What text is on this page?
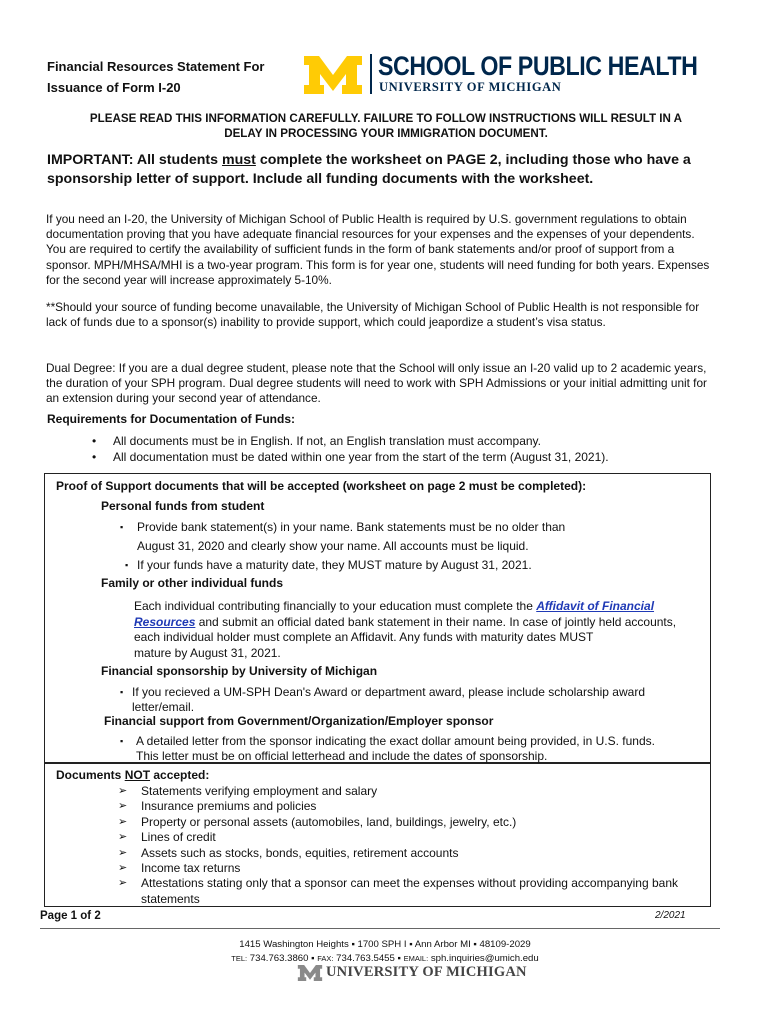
Financial Resources Statement For
Issuance of Form I-20
SCHOOL OF PUBLIC HEALTH
UNIVERSITY OF MICHIGAN
PLEASE READ THIS INFORMATION CAREFULLY. FAILURE TO FOLLOW INSTRUCTIONS WILL RESULT IN A
DELAY IN PROCESSING YOUR IMMIGRATION DOCUMENT.
IMPORTANT: All students must complete the worksheet on PAGE 2, including those who have a sponsorship letter of support. Include all funding documents with the worksheet.
If you need an I-20, the University of Michigan School of Public Health is required by U.S. government regulations to obtain documentation proving that you have adequate financial resources for your expenses and the expenses of your dependents. You are required to certify the availability of sufficient funds in the form of bank statements and/or proof of support from a sponsor. MPH/MHSA/MHI is a two-year program. This form is for year one, students will need funding for both years. Expenses for the second year will increase approximately 5-10%.
**Should your source of funding become unavailable, the University of Michigan School of Public Health is not responsible for lack of funds due to a sponsor(s) inability to provide support, which could jeapordize a student’s visa status.
Dual Degree: If you are a dual degree student, please note that the School will only issue an I-20 valid up to 2 academic years, the duration of your SPH program. Dual degree students will need to work with SPH Admissions or your initial admitting unit for an extension during your second year of attendance.
Requirements for Documentation of Funds:
• All documents must be in English. If not, an English translation must accompany.
• All documentation must be dated within one year from the start of the term (August 31, 2021).
Proof of Support documents that will be accepted (worksheet on page 2 must be completed):
Personal funds from student
▪ Provide bank statement(s) in your name. Bank statements must be no older than
August 31, 2020 and clearly show your name. All accounts must be liquid.
▪ If your funds have a maturity date, they MUST mature by August 31, 2021.
Family or other individual funds
Each individual contributing financially to your education must complete the Affidavit of Financial
Resources and submit an official dated bank statement in their name. In case of jointly held accounts,
each individual holder must complete an Affidavit. Any funds with maturity dates MUST
mature by August 31, 2021.
Financial sponsorship by University of Michigan
▪ If you recieved a UM-SPH Dean's Award or department award, please include scholarship award
letter/email.
Financial support from Government/Organization/Employer sponsor
▪ A detailed letter from the sponsor indicating the exact dollar amount being provided, in U.S. funds.
This letter must be on official letterhead and include the dates of sponsorship.
Documents NOT accepted:
➢ Statements verifying employment and salary
➢ Insurance premiums and policies
➢ Property or personal assets (automobiles, land, buildings, jewelry, etc.)
➢ Lines of credit
➢ Assets such as stocks, bonds, equities, retirement accounts
➢ Income tax returns
➢ Attestations stating only that a sponsor can meet the expenses without providing accompanying bank statements
Page 1 of 2	2/2021
1415 Washington Heights ▪ 1700 SPH I ▪ Ann Arbor MI ▪ 48109-2029
TEL: 734.763.3860 ▪ FAX: 734.763.5455 ▪ EMAIL: sph.inquiries@umich.edu
UNIVERSITY OF MICHIGAN
